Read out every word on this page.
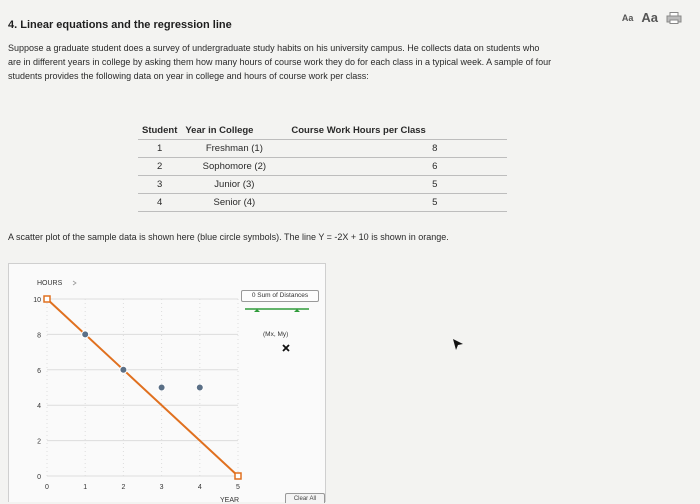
4. Linear equations and the regression line
Aa Aa
Suppose a graduate student does a survey of undergraduate study habits on his university campus. He collects data on students who are in different years in college by asking them how many hours of course work they do for each class in a typical week. A sample of four students provides the following data on year in college and hours of course work per class:
Student	Year in College	Course Work Hours per Class
1	Freshman (1)	8
2	Sophomore (2)	6
3	Junior (3)	5
4	Senior (4)	5
A scatter plot of the sample data is shown here (blue circle symbols). The line Y = -2X + 10 is shown in orange.
HOURS
YEAR
0
2
4
6
8
10
0	1	2	3	4	5
0 Sum of Distances
(Mx, My)
Clear All
